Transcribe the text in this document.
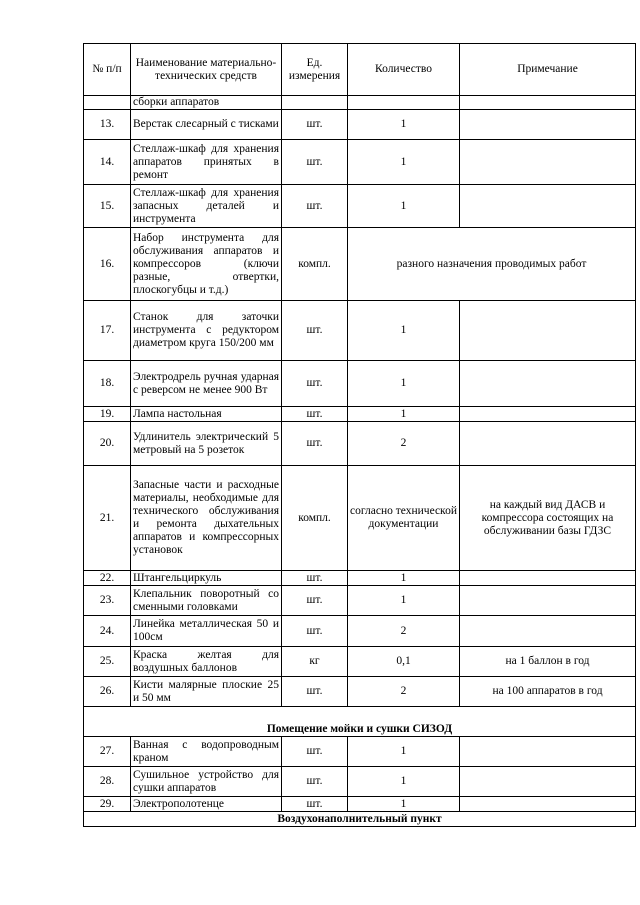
№ п/п	Наименование материально-технических средств	Ед. измерения	Количество	Примечание
	сборки аппаратов			
13.	Верстак слесарный с тисками	шт.	1	
14.	Стеллаж-шкаф для хранения аппаратов принятых в ремонт	шт.	1	
15.	Стеллаж-шкаф для хранения запасных деталей и инструмента	шт.	1	
16.	Набор инструмента для обслуживания аппаратов и компрессоров (ключи разные, отвертки, плоскогубцы и т.д.)	компл.	разного назначения проводимых работ	
17.	Станок для заточки инструмента с редуктором диаметром круга 150/200 мм	шт.	1	
18.	Электродрель ручная ударная с реверсом не менее 900 Вт	шт.	1	
19.	Лампа настольная	шт.	1	
20.	Удлинитель электрический 5 метровый на 5 розеток	шт.	2	
21.	Запасные части и расходные материалы, необходимые для технического обслуживания и ремонта дыхательных аппаратов и компрессорных установок	компл.	согласно технической документации	на каждый вид ДАСВ и компрессора состоящих на обслуживании базы ГДЗС
22.	Штангельциркуль	шт.	1	
23.	Клепальник поворотный со сменными головками	шт.	1	
24.	Линейка металлическая 50 и 100см	шт.	2	
25.	Краска желтая для воздушных баллонов	кг	0,1	на 1 баллон в год
26.	Кисти малярные плоские 25 и 50 мм	шт.	2	на 100 аппаратов в год
Помещение мойки и сушки СИЗОД				
27.	Ванная с водопроводным краном	шт.	1	
28.	Сушильное устройство для сушки аппаратов	шт.	1	
29.	Электрополотенце	шт.	1	
Воздухонаполнительный пункт				
